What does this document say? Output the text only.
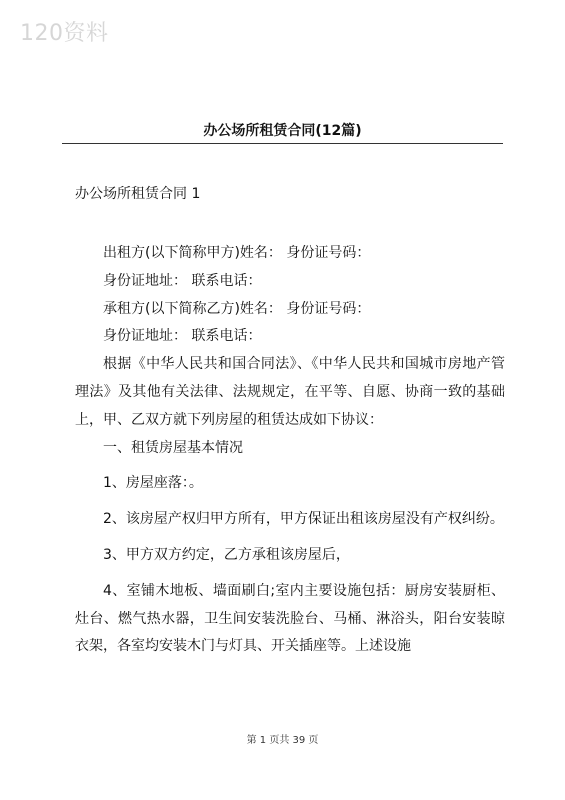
120资料
办公场所租赁合同(12篇)
办公场所租赁合同 1

出租方(以下简称甲方)姓名： 身份证号码：

身份证地址： 联系电话：

承租方(以下简称乙方)姓名： 身份证号码：

身份证地址： 联系电话：

根据《中华人民共和国合同法》、《中华人民共和国城市房地产管理法》及其他有关法律、法规规定，在平等、自愿、协商一致的基础上，甲、乙双方就下列房屋的租赁达成如下协议：

一、租赁房屋基本情况

1、房屋座落：。

2、该房屋产权归甲方所有，甲方保证出租该房屋没有产权纠纷。

3、甲方双方约定，乙方承租该房屋后，

4、室铺木地板、墙面刷白;室内主要设施包括：厨房安装厨柜、灶台、燃气热水器，卫生间安装洗脸台、马桶、淋浴头，阳台安装晾衣架，各室均安装木门与灯具、开关插座等。上述设施

第 1 页共 39 页
